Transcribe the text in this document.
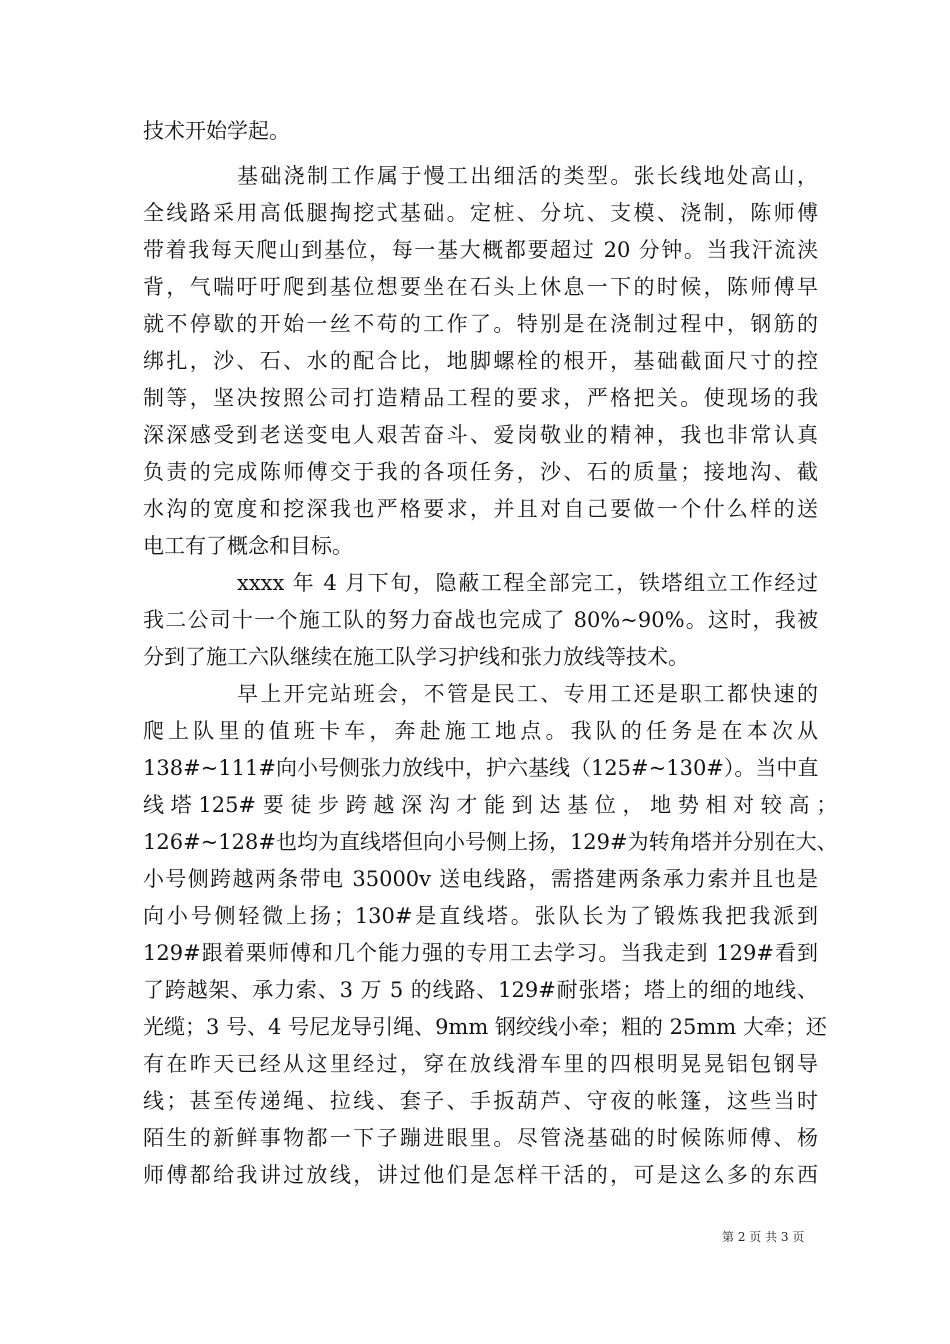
技术开始学起。
基础浇制工作属于慢工出细活的类型。张长线地处高山，
全线路采用高低腿掏挖式基础。定桩、分坑、支模、浇制，陈师傅
带着我每天爬山到基位，每一基大概都要超过 20 分钟。当我汗流浃
背，气喘吁吁爬到基位想要坐在石头上休息一下的时候，陈师傅早
就不停歇的开始一丝不苟的工作了。特别是在浇制过程中，钢筋的
绑扎，沙、石、水的配合比，地脚螺栓的根开，基础截面尺寸的控
制等，坚决按照公司打造精品工程的要求，严格把关。使现场的我
深深感受到老送变电人艰苦奋斗、爱岗敬业的精神，我也非常认真
负责的完成陈师傅交于我的各项任务，沙、石的质量；接地沟、截
水沟的宽度和挖深我也严格要求，并且对自己要做一个什么样的送
电工有了概念和目标。
xxxx 年 4 月下旬，隐蔽工程全部完工，铁塔组立工作经过
我二公司十一个施工队的努力奋战也完成了 80%~90%。这时，我被
分到了施工六队继续在施工队学习护线和张力放线等技术。
早上开完站班会，不管是民工、专用工还是职工都快速的
爬上队里的值班卡车，奔赴施工地点。我队的任务是在本次从
138#~111#向小号侧张力放线中，护六基线（125#~130#）。当中直
线 塔 125# 要 徒 步 跨 越 深 沟 才 能 到 达 基 位 ， 地 势 相 对 较 高 ；
126#~128#也均为直线塔但向小号侧上扬，129#为转角塔并分别在大、
小号侧跨越两条带电 35000v 送电线路，需搭建两条承力索并且也是
向小号侧轻微上扬；130#是直线塔。张队长为了锻炼我把我派到
129#跟着栗师傅和几个能力强的专用工去学习。当我走到 129#看到
了跨越架、承力索、3 万 5 的线路、129#耐张塔；塔上的细的地线、
光缆；3 号、4 号尼龙导引绳、9mm 钢绞线小牵；粗的 25mm 大牵；还
有在昨天已经从这里经过，穿在放线滑车里的四根明晃晃铝包钢导
线；甚至传递绳、拉线、套子、手扳葫芦、守夜的帐篷，这些当时
陌生的新鲜事物都一下子蹦进眼里。尽管浇基础的时候陈师傅、杨
师傅都给我讲过放线，讲过他们是怎样干活的，可是这么多的东西
第 2 页 共 3 页
